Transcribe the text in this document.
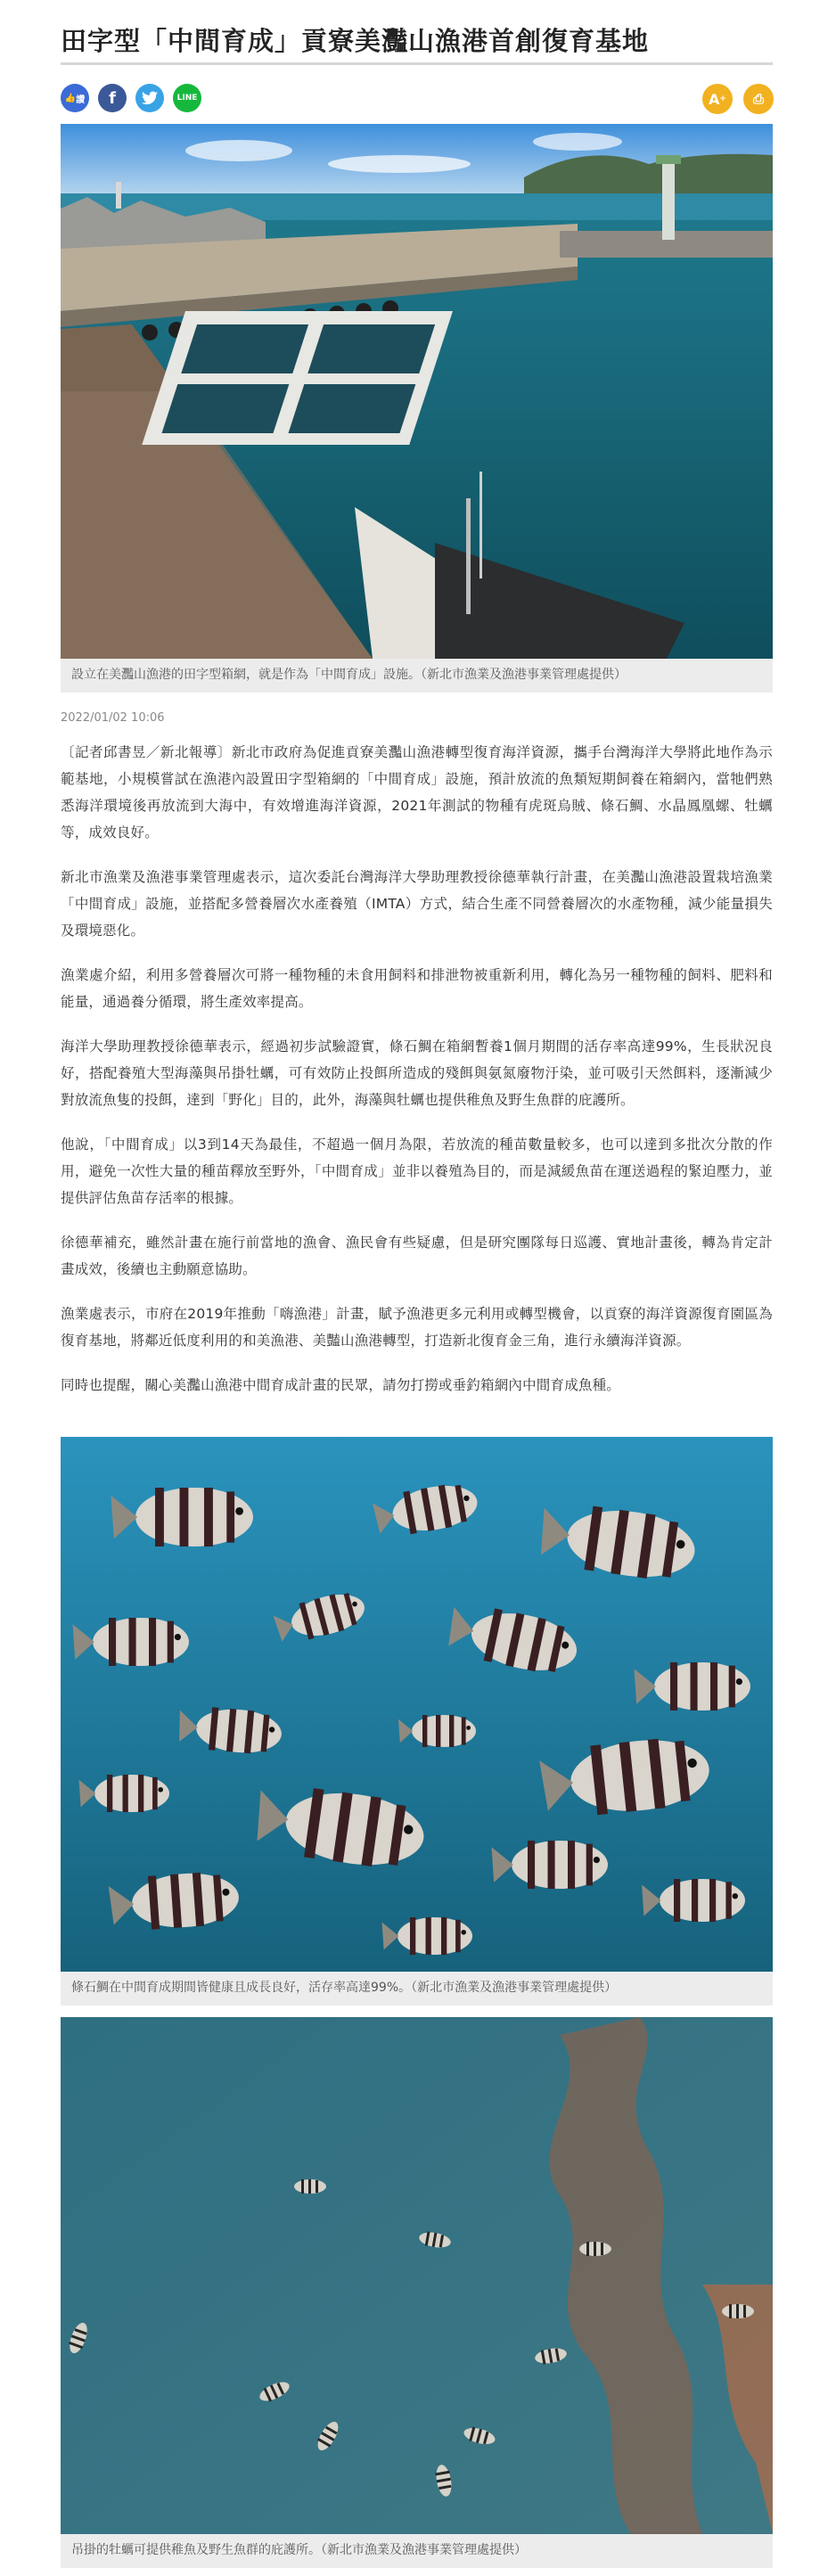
田字型「中間育成」貢寮美灩山漁港首創復育基地
👍 讚 f	LINE	A + ⎙
設立在美灩山漁港的田字型箱網，就是作為「中間育成」設施。（新北市漁業及漁港事業管理處提供）
2022/01/02 10:06

〔記者邱書昱／新北報導〕新北市政府為促進貢寮美灩山漁港轉型復育海洋資源，攜手台灣海洋大學將此地作為示範基地，小規模嘗試在漁港內設置田字型箱網的「中間育成」設施，預計放流的魚類短期飼養在箱網內，當牠們熟悉海洋環境後再放流到大海中，有效增進海洋資源，2021年測試的物種有虎斑烏賊、條石鯛、水晶鳳凰螺、牡蠣等，成效良好。

新北市漁業及漁港事業管理處表示，這次委託台灣海洋大學助理教授徐德華執行計畫，在美灩山漁港設置栽培漁業「中間育成」設施，並搭配多營養層次水產養殖（IMTA）方式，結合生產不同營養層次的水產物種，減少能量損失及環境惡化。

漁業處介紹，利用多營養層次可將一種物種的未食用飼料和排泄物被重新利用，轉化為另一種物種的飼料、肥料和能量，通過養分循環，將生產效率提高。

海洋大學助理教授徐德華表示，經過初步試驗證實，條石鯛在箱網暫養1個月期間的活存率高達99%，生長狀況良好，搭配養殖大型海藻與吊掛牡蠣，可有效防止投餌所造成的殘餌與氨氮廢物汙染，並可吸引天然餌料，逐漸減少對放流魚隻的投餌，達到「野化」目的，此外，海藻與牡蠣也提供稚魚及野生魚群的庇護所。

他說，「中間育成」以3到14天為最佳，不超過一個月為限，若放流的種苗數量較多，也可以達到多批次分散的作用，避免一次性大量的種苗釋放至野外，「中間育成」並非以養殖為目的，而是減緩魚苗在運送過程的緊迫壓力，並提供評估魚苗存活率的根據。

徐德華補充，雖然計畫在施行前當地的漁會、漁民會有些疑慮，但是研究團隊每日巡護、實地計畫後，轉為肯定計畫成效，後續也主動願意協助。

漁業處表示，市府在2019年推動「嗨漁港」計畫，賦予漁港更多元利用或轉型機會，以貢寮的海洋資源復育園區為復育基地，將鄰近低度利用的和美漁港、美豔山漁港轉型，打造新北復育金三角，進行永續海洋資源。

同時也提醒，關心美灩山漁港中間育成計畫的民眾，請勿打撈或垂釣箱網內中間育成魚種。

條石鯛在中間育成期間皆健康且成長良好，活存率高達99%。（新北市漁業及漁港事業管理處提供）
吊掛的牡蠣可提供稚魚及野生魚群的庇護所。（新北市漁業及漁港事業管理處提供）
